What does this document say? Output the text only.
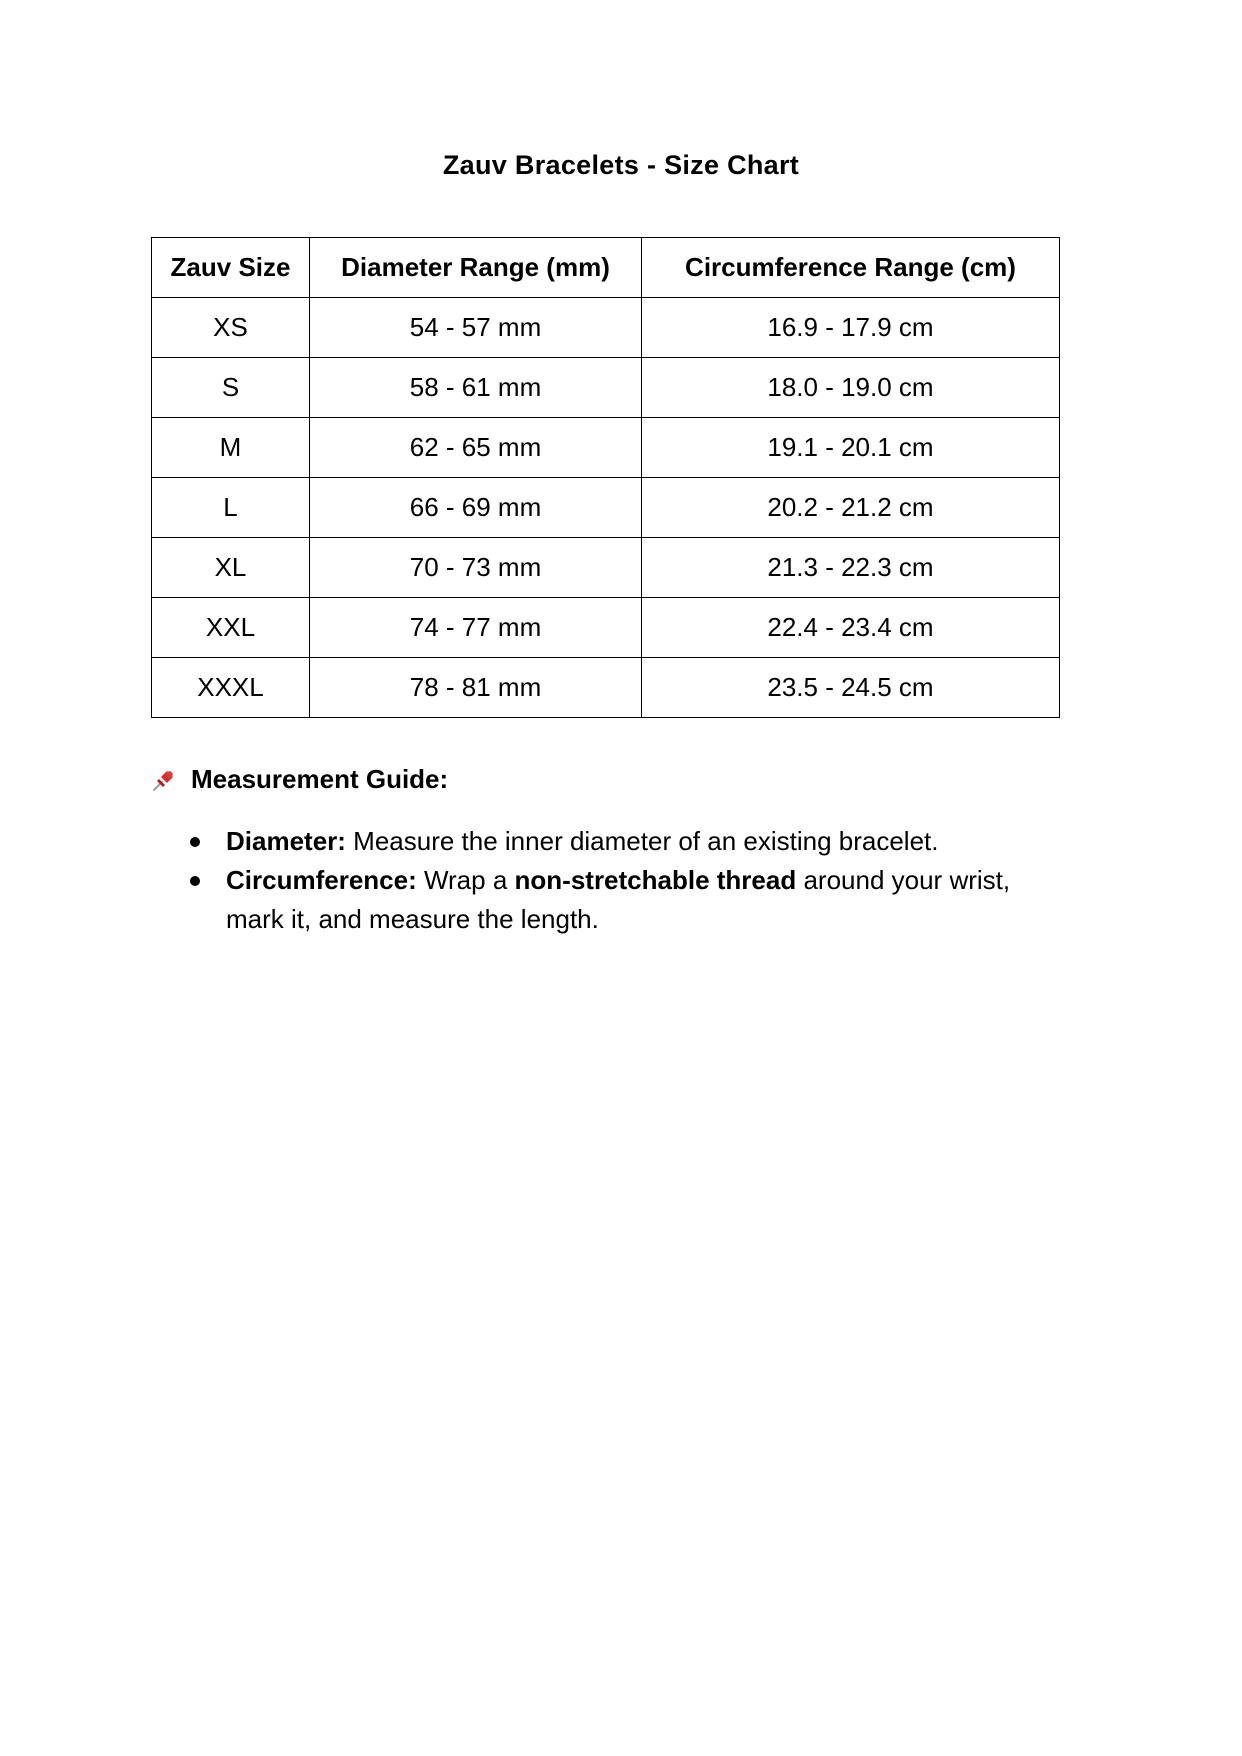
Zauv Bracelets - Size Chart
Zauv Size	Diameter Range (mm)	Circumference Range (cm)
XS	54 - 57 mm	16.9 - 17.9 cm
S	58 - 61 mm	18.0 - 19.0 cm
M	62 - 65 mm	19.1 - 20.1 cm
L	66 - 69 mm	20.2 - 21.2 cm
XL	70 - 73 mm	21.3 - 22.3 cm
XXL	74 - 77 mm	22.4 - 23.4 cm
XXXL	78 - 81 mm	23.5 - 24.5 cm
Measurement Guide:
Diameter: Measure the inner diameter of an existing bracelet.
Circumference: Wrap a non-stretchable thread around your wrist, mark it, and measure the length.
